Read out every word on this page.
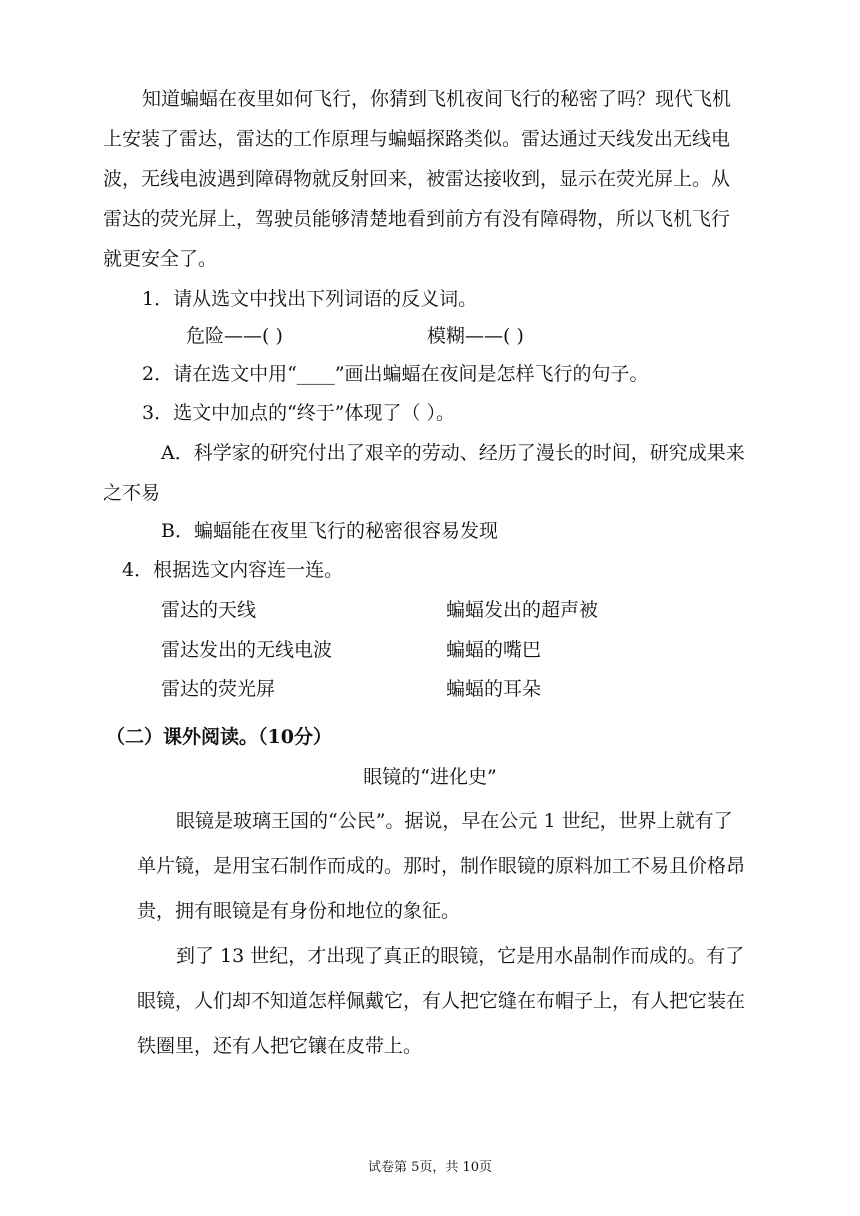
知道蝙蝠在夜里如何飞行，你猜到飞机夜间飞行的秘密了吗？现代飞机
上安装了雷达，雷达的工作原理与蝙蝠探路类似。雷达通过天线发出无线电
波，无线电波遇到障碍物就反射回来，被雷达接收到，显示在荧光屏上。从
雷达的荧光屏上，驾驶员能够清楚地看到前方有没有障碍物，所以飞机飞行
就更安全了。
1．请从选文中找出下列词语的反义词。
危险——( )	模糊——( )
2．请在选文中用“____”画出蝙蝠在夜间是怎样飞行的句子。
3．选文中加点的“终于”体现了（ ）。
A．科学家的研究付出了艰辛的劳动、经历了漫长的时间，研究成果来
之不易
B．蝙蝠能在夜里飞行的秘密很容易发现
4．根据选文内容连一连。
雷达的天线
雷达发出的无线电波
雷达的荧光屏
蝙蝠发出的超声被
蝙蝠的嘴巴
蝙蝠的耳朵
（二）课外阅读。（10分）
眼镜的“进化史”
眼镜是玻璃王国的“公民”。据说，早在公元 1 世纪，世界上就有了
单片镜，是用宝石制作而成的。那时，制作眼镜的原料加工不易且价格昂
贵，拥有眼镜是有身份和地位的象征。
到了 13 世纪，才出现了真正的眼镜，它是用水晶制作而成的。有了
眼镜，人们却不知道怎样佩戴它，有人把它缝在布帽子上，有人把它装在
铁圈里，还有人把它镶在皮带上。
试卷第 5页，共 10页
